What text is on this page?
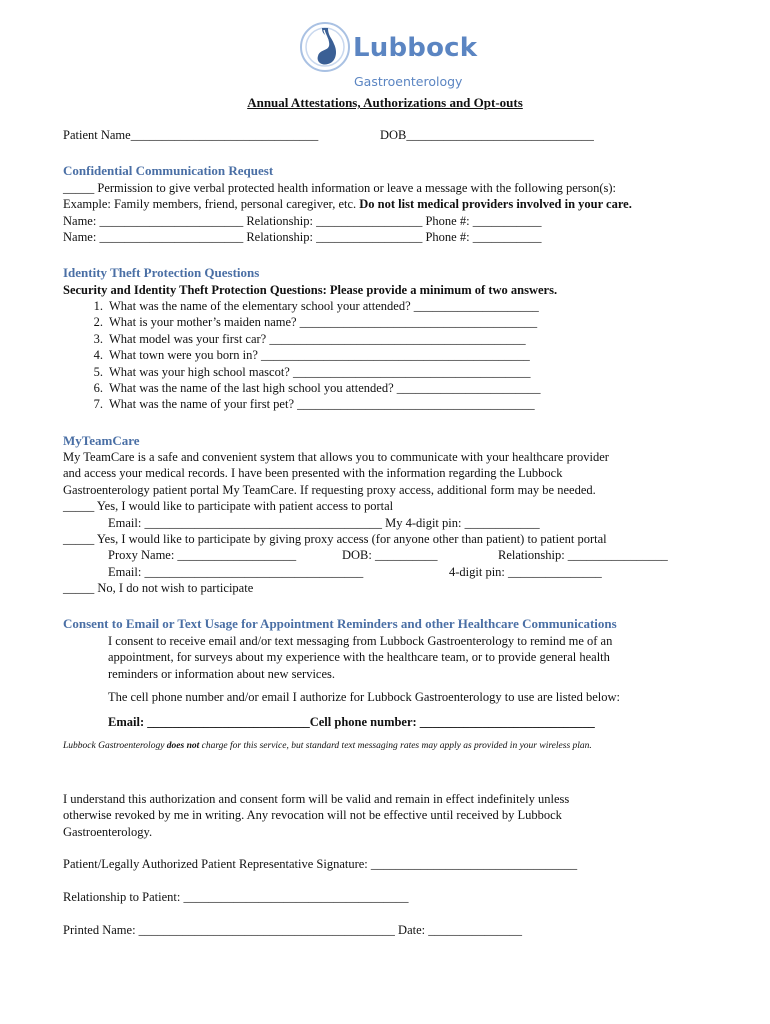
Lubbock
Gastroenterology
Annual Attestations, Authorizations and Opt-outs
Patient Name______________________________	DOB______________________________
Confidential Communication Request
_____ Permission to give verbal protected health information or leave a message with the following person(s):
Example: Family members, friend, personal caregiver, etc. Do not list medical providers involved in your care.
Name: _______________________ Relationship: _________________ Phone #: ___________
Name: _______________________ Relationship: _________________ Phone #: ___________
Identity Theft Protection Questions
Security and Identity Theft Protection Questions: Please provide a minimum of two answers.
1. What was the name of the elementary school your attended? ____________________
2. What is your mother’s maiden name? ______________________________________
3. What model was your first car? _________________________________________
4. What town were you born in? ___________________________________________
5. What was your high school mascot? ______________________________________
6. What was the name of the last high school you attended? _______________________
7. What was the name of your first pet? ______________________________________
MyTeamCare
My TeamCare is a safe and convenient system that allows you to communicate with your healthcare provider
and access your medical records. I have been presented with the information regarding the Lubbock
Gastroenterology patient portal My TeamCare. If requesting proxy access, additional form may be needed.
_____ Yes, I would like to participate with patient access to portal
Email: ______________________________________ My 4-digit pin: ____________
_____ Yes, I would like to participate by giving proxy access (for anyone other than patient) to patient portal
Proxy Name: ___________________	DOB: __________	Relationship: ________________
Email: ___________________________________	4-digit pin: _______________
_____ No, I do not wish to participate
Consent to Email or Text Usage for Appointment Reminders and other Healthcare Communications
I consent to receive email and/or text messaging from Lubbock Gastroenterology to remind me of an
appointment, for surveys about my experience with the healthcare team, or to provide general health
reminders or information about new services.
The cell phone number and/or email I authorize for Lubbock Gastroenterology to use are listed below:
Email: __________________________Cell phone number: ____________________________
Lubbock Gastroenterology does not charge for this service, but standard text messaging rates may apply as provided in your wireless plan.
I understand this authorization and consent form will be valid and remain in effect indefinitely unless
otherwise revoked by me in writing. Any revocation will not be effective until received by Lubbock
Gastroenterology.
Patient/Legally Authorized Patient Representative Signature: _________________________________
Relationship to Patient: ____________________________________
Printed Name: _________________________________________ Date: _______________
